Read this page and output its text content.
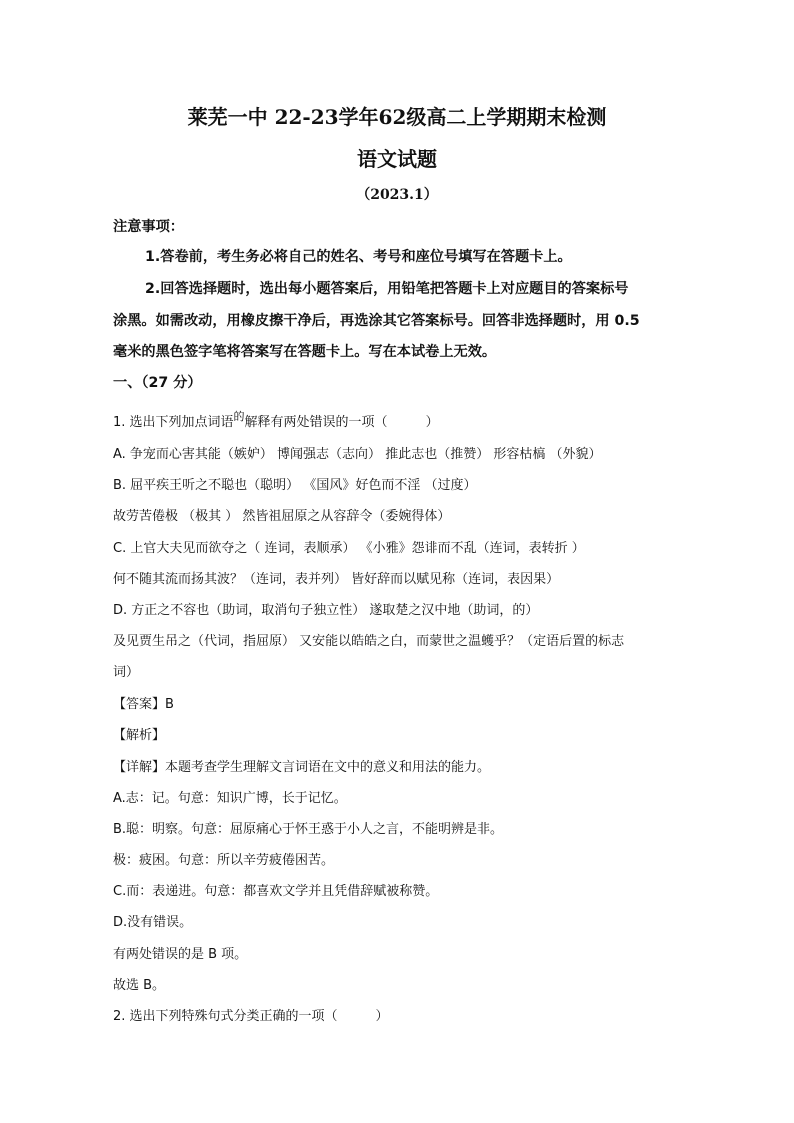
莱芜一中 22-23学年62级高二上学期期末检测
语文试题
（2023.1）
注意事项：
1.答卷前，考生务必将自己的姓名、考号和座位号填写在答题卡上。
2.回答选择题时，选出每小题答案后，用铅笔把答题卡上对应题目的答案标号
涂黑。如需改动，用橡皮擦干净后，再选涂其它答案标号。回答非选择题时，用 0.5
毫米的黑色签字笔将答案写在答题卡上。写在本试卷上无效。
一、（27 分）
1. 选出下列加点词语$^的$解释有两处错误的一项（	）
A. 争宠而心害其能（嫉妒） 博闻强志（志向） 推此志也（推赞） 形容枯槁 （外貌）
B. 屈平疾王听之不聪也（聪明） 《国风》好色而不淫 （过度）
故劳苦倦极 （极其 ） 然皆祖屈原之从容辞令（委婉得体）
C. 上官大夫见而欲夺之（ 连词，表顺承） 《小雅》怨诽而不乱（连词，表转折 ）
何不随其流而扬其波？（连词，表并列） 皆好辞而以赋见称（连词，表因果）
D. 方正之不容也（助词，取消句子独立性） 遂取楚之汉中地（助词，的）
及见贾生吊之（代词，指屈原） 又安能以皓皓之白，而蒙世之温蠖乎？（定语后置的标志
词）
【答案】B
【解析】
【详解】本题考查学生理解文言词语在文中的意义和用法的能力。
A.志：记。句意：知识广博，长于记忆。
B.聪：明察。句意：屈原痛心于怀王惑于小人之言，不能明辨是非。
极：疲困。句意：所以辛劳疲倦困苦。
C.而：表递进。句意：都喜欢文学并且凭借辞赋被称赞。
D.没有错误。
有两处错误的是 B 项。
故选 B。
2. 选出下列特殊句式分类正确的一项（	）
